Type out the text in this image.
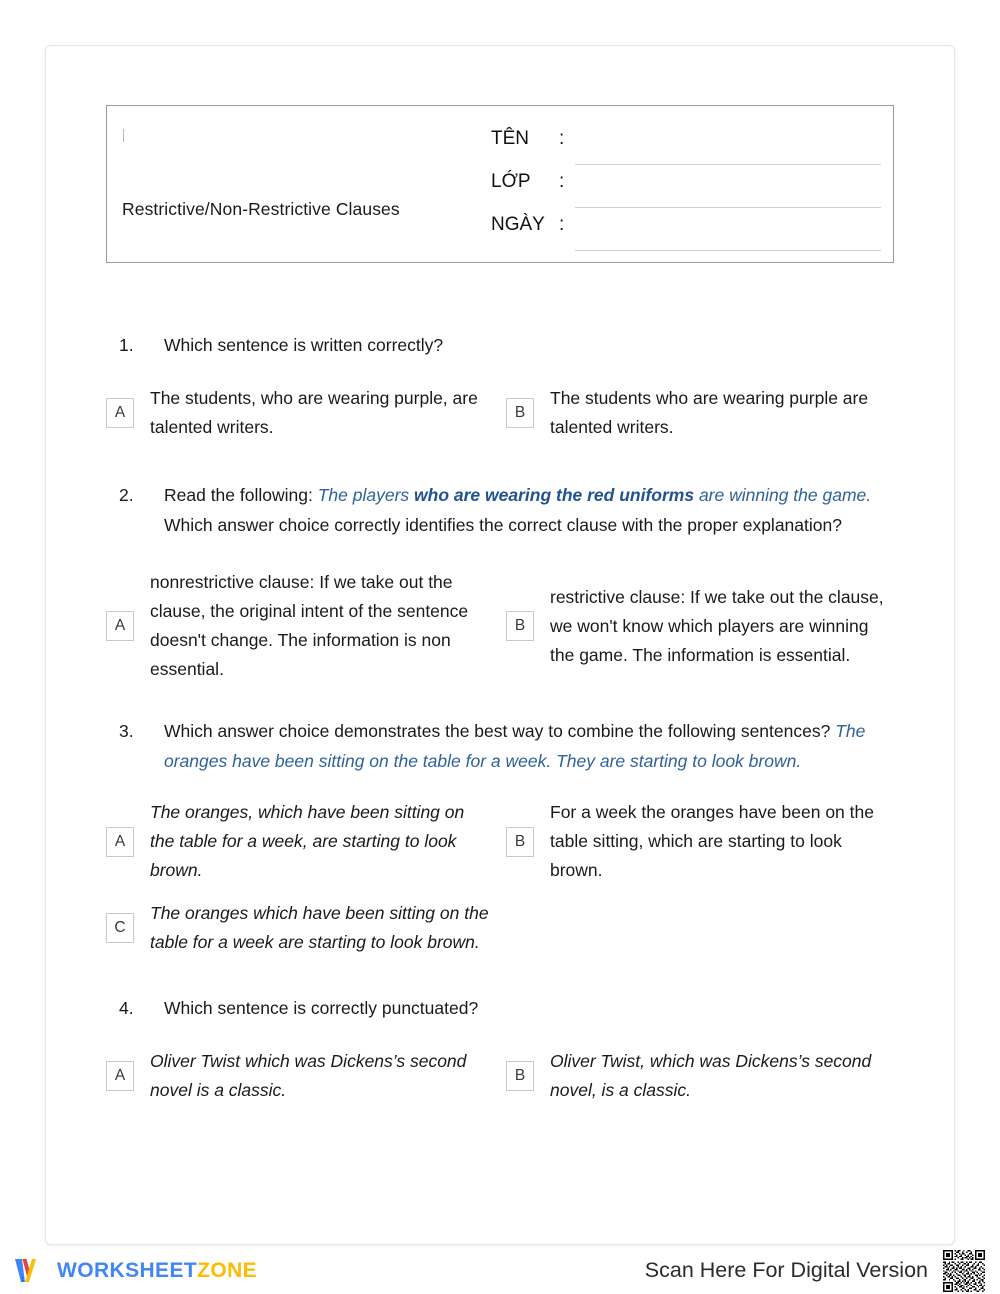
Restrictive/Non-Restrictive Clauses
TÊN	:
LỚP	:
NGÀY :
1.	Which sentence is written correctly?
A
The students, who are wearing purple, are talented writers.
B
The students who are wearing purple are talented writers.
2.	Read the following: The players who are wearing the red uniforms are winning the game. Which answer choice correctly identifies the correct clause with the proper explanation?
A
nonrestrictive clause: If we take out the clause, the original intent of the sentence doesn't change. The information is non essential.
B
restrictive clause: If we take out the clause, we won't know which players are winning the game. The information is essential.
3.	Which answer choice demonstrates the best way to combine the following sentences? The oranges have been sitting on the table for a week. They are starting to look brown.
A
The oranges, which have been sitting on the table for a week, are starting to look brown.
B
For a week the oranges have been on the table sitting, which are starting to look brown.
C
The oranges which have been sitting on the table for a week are starting to look brown.
4.	Which sentence is correctly punctuated?
A
Oliver Twist which was Dickens’s second novel is a classic.
B
Oliver Twist, which was Dickens’s second novel, is a classic.
WORKSHEETZONE	Scan Here For Digital Version
